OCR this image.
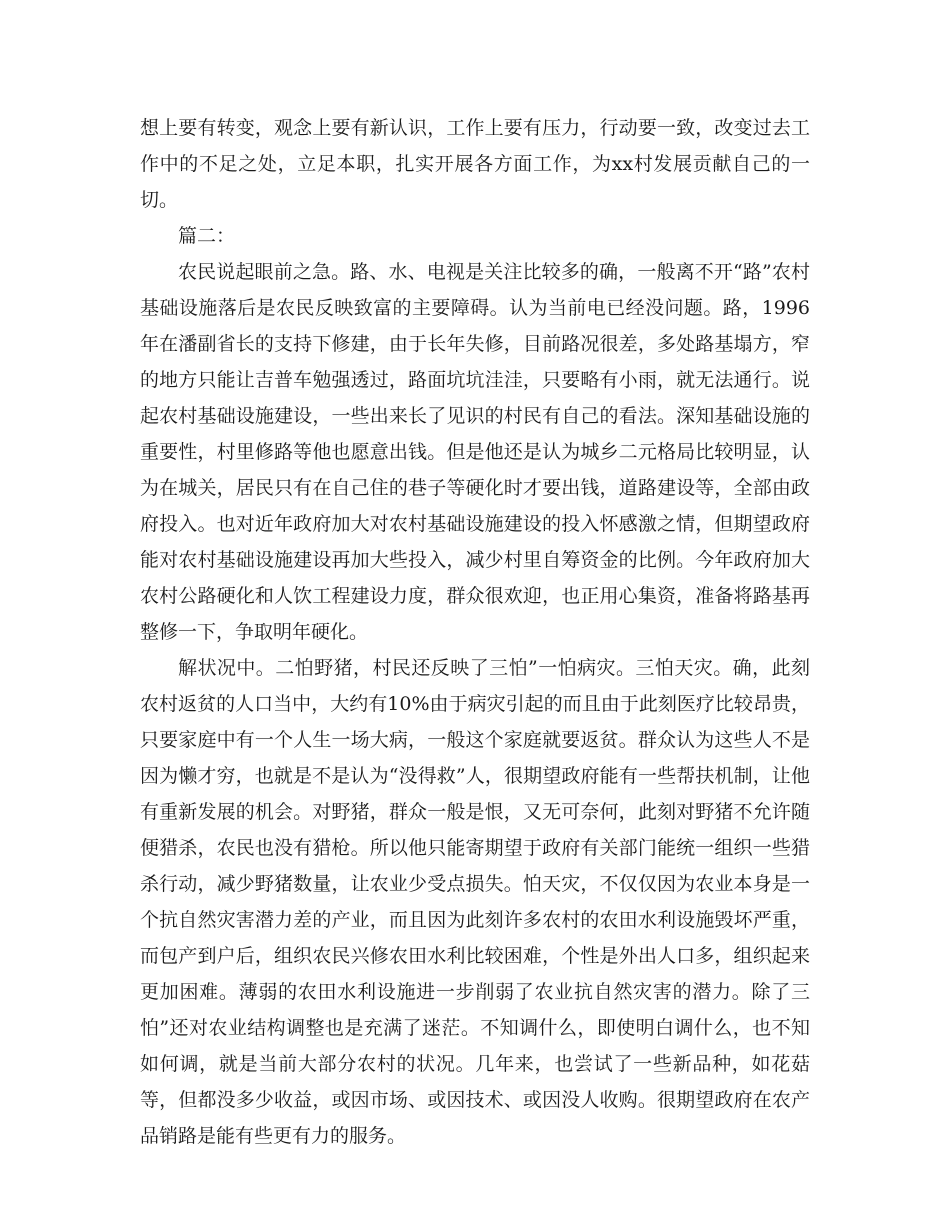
想上要有转变，观念上要有新认识，工作上要有压力，行动要一致，改变过去工作中的不足之处，立足本职，扎实开展各方面工作，为xx村发展贡献自己的一切。

篇二：

农民说起眼前之急。路、水、电视是关注比较多的确，一般离不开“路”农村基础设施落后是农民反映致富的主要障碍。认为当前电已经没问题。路，1996年在潘副省长的支持下修建，由于长年失修，目前路况很差，多处路基塌方，窄的地方只能让吉普车勉强透过，路面坑坑洼洼，只要略有小雨，就无法通行。说起农村基础设施建设，一些出来长了见识的村民有自己的看法。深知基础设施的重要性，村里修路等他也愿意出钱。但是他还是认为城乡二元格局比较明显，认为在城关，居民只有在自己住的巷子等硬化时才要出钱，道路建设等，全部由政府投入。也对近年政府加大对农村基础设施建设的投入怀感激之情，但期望政府能对农村基础设施建设再加大些投入，减少村里自筹资金的比例。今年政府加大农村公路硬化和人饮工程建设力度，群众很欢迎，也正用心集资，准备将路基再整修一下，争取明年硬化。

解状况中。二怕野猪，村民还反映了三怕”一怕病灾。三怕天灾。确，此刻农村返贫的人口当中，大约有10%由于病灾引起的而且由于此刻医疗比较昂贵，只要家庭中有一个人生一场大病，一般这个家庭就要返贫。群众认为这些人不是因为懒才穷，也就是不是认为“没得救”人，很期望政府能有一些帮扶机制，让他有重新发展的机会。对野猪，群众一般是恨，又无可奈何，此刻对野猪不允许随便猎杀，农民也没有猎枪。所以他只能寄期望于政府有关部门能统一组织一些猎杀行动，减少野猪数量，让农业少受点损失。怕天灾，不仅仅因为农业本身是一个抗自然灾害潜力差的产业，而且因为此刻许多农村的农田水利设施毁坏严重，而包产到户后，组织农民兴修农田水利比较困难，个性是外出人口多，组织起来更加困难。薄弱的农田水利设施进一步削弱了农业抗自然灾害的潜力。除了三怕”还对农业结构调整也是充满了迷茫。不知调什么，即使明白调什么，也不知如何调，就是当前大部分农村的状况。几年来，也尝试了一些新品种，如花菇等，但都没多少收益，或因市场、或因技术、或因没人收购。很期望政府在农产品销路是能有些更有力的服务。
